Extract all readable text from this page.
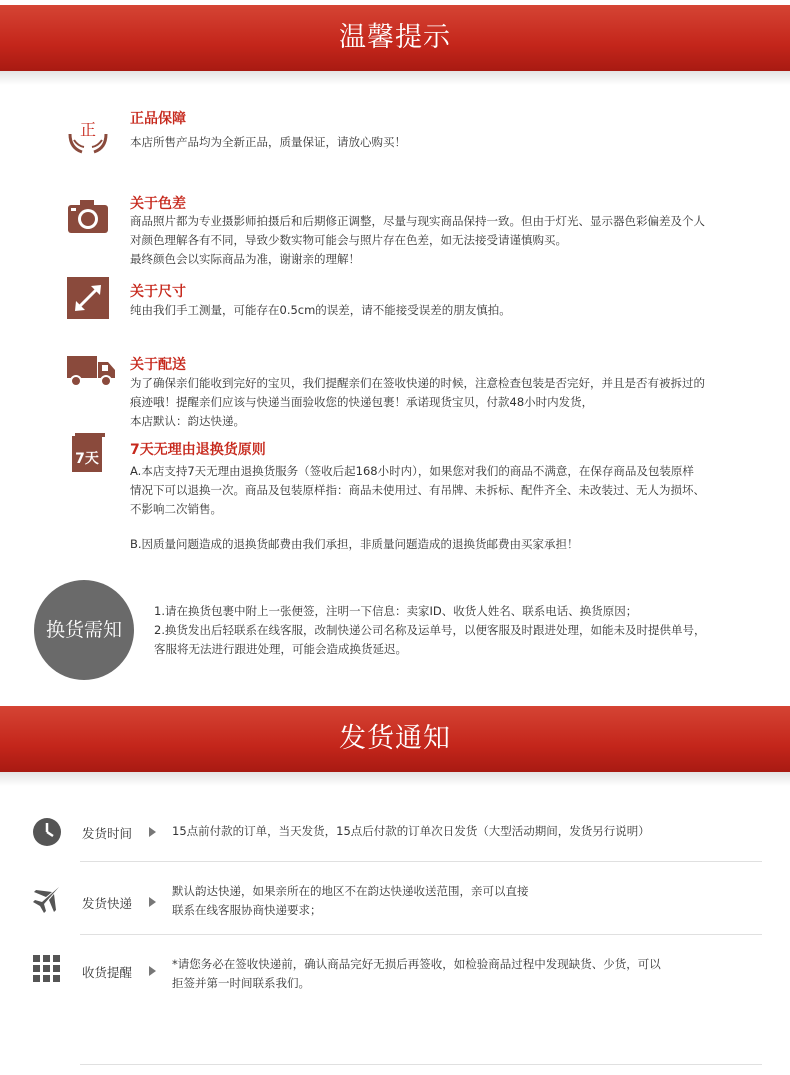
温馨提示
正
正品保障

本店所售产品均为全新正品，质量保证，请放心购买！

关于色差

商品照片都为专业摄影师拍摄后和后期修正调整，尽量与现实商品保持一致。但由于灯光、显示器色彩偏差及个人

对颜色理解各有不同，导致少数实物可能会与照片存在色差，如无法接受请谨慎购买。

最终颜色会以实际商品为准，谢谢亲的理解！

关于尺寸

纯由我们手工测量，可能存在0.5cm的误差，请不能接受误差的朋友慎拍。

关于配送

为了确保亲们能收到完好的宝贝，我们提醒亲们在签收快递的时候，注意检查包装是否完好，并且是否有被拆过的

痕迹哦！提醒亲们应该与快递当面验收您的快递包裹！承诺现货宝贝，付款48小时内发货，

本店默认：韵达快递。

7天
7天无理由退换货原则

A.本店支持7天无理由退换货服务（签收后起168小时内），如果您对我们的商品不满意，在保存商品及包装原样

情况下可以退换一次。商品及包装原样指：商品未使用过、有吊牌、未拆标、配件齐全、未改装过、无人为损坏、

不影响二次销售。

B.因质量问题造成的退换货邮费由我们承担，非质量问题造成的退换货邮费由买家承担！

换货需知

1.请在换货包裹中附上一张便签，注明一下信息：卖家ID、收货人姓名、联系电话、换货原因；

2.换货发出后轻联系在线客服，改制快递公司名称及运单号，以便客服及时跟进处理，如能未及时提供单号，

客服将无法进行跟进处理，可能会造成换货延迟。

发货通知
发货时间	15点前付款的订单，当天发货，15点后付款的订单次日发货（大型活动期间，发货另行说明）

发货快递

默认韵达快递，如果亲所在的地区不在韵达快递收送范围，亲可以直接

联系在线客服协商快递要求；

收货提醒

*请您务必在签收快递前，确认商品完好无损后再签收，如检验商品过程中发现缺货、少货，可以

拒签并第一时间联系我们。
